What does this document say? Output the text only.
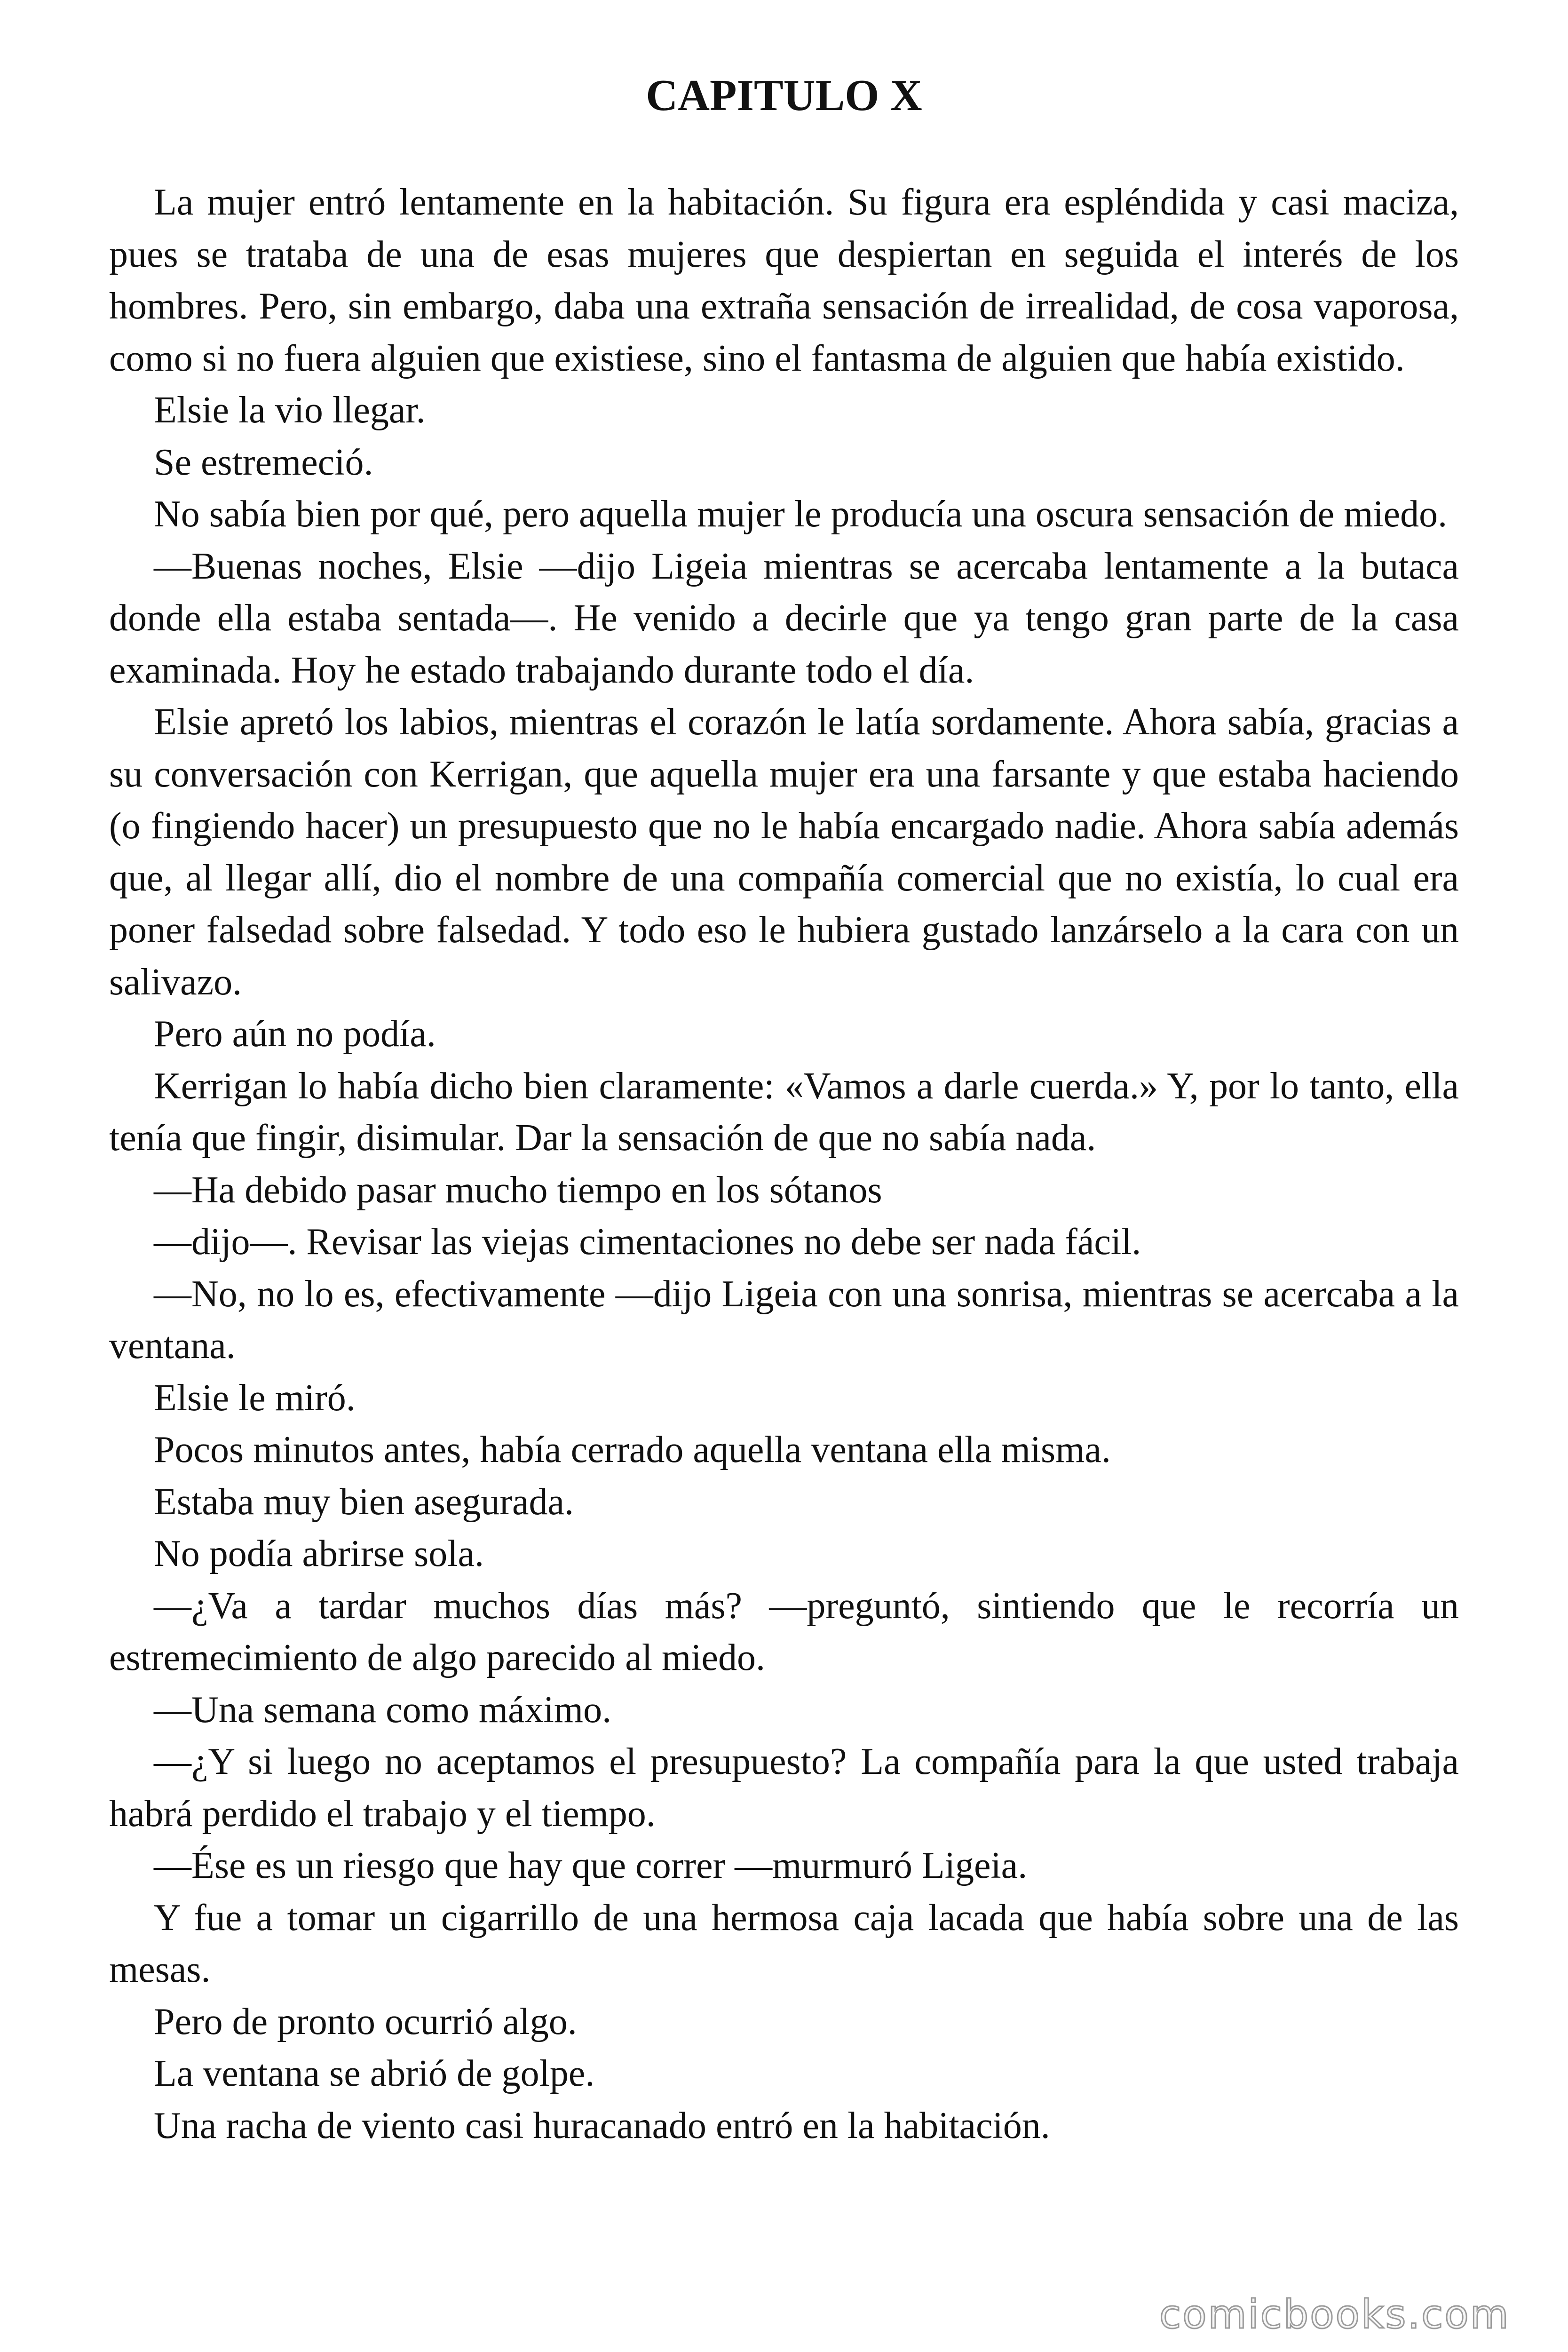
CAPITULO X

La mujer entró lentamente en la habitación. Su figura era espléndida y casi maciza, pues se trataba de una de esas mujeres que despiertan en seguida el interés de los hombres. Pero, sin embargo, daba una extraña sensación de irrealidad, de cosa vaporosa, como si no fuera alguien que existiese, sino el fantasma de alguien que había existido.

Elsie la vio llegar.

Se estremeció.

No sabía bien por qué, pero aquella mujer le producía una oscura sensación de miedo.

—Buenas noches, Elsie —dijo Ligeia mientras se acercaba lentamente a la butaca donde ella estaba sentada—. He venido a decirle que ya tengo gran parte de la casa examinada. Hoy he estado trabajando durante todo el día.

Elsie apretó los labios, mientras el corazón le latía sordamente. Ahora sabía, gracias a su conversación con Kerrigan, que aquella mujer era una farsante y que estaba haciendo (o fingiendo hacer) un presupuesto que no le había encargado nadie. Ahora sabía además que, al llegar allí, dio el nombre de una compañía comercial que no existía, lo cual era poner falsedad sobre falsedad. Y todo eso le hubiera gustado lanzárselo a la cara con un salivazo.

Pero aún no podía.

Kerrigan lo había dicho bien claramente: «Vamos a darle cuerda.» Y, por lo tanto, ella tenía que fingir, disimular. Dar la sensación de que no sabía nada.

—Ha debido pasar mucho tiempo en los sótanos

—dijo—. Revisar las viejas cimentaciones no debe ser nada fácil.

—No, no lo es, efectivamente —dijo Ligeia con una sonrisa, mientras se acercaba a la ventana.

Elsie le miró.

Pocos minutos antes, había cerrado aquella ventana ella misma.

Estaba muy bien asegurada.

No podía abrirse sola.

—¿Va a tardar muchos días más? —preguntó, sintiendo que le recorría un estremecimiento de algo parecido al miedo.

—Una semana como máximo.

—¿Y si luego no aceptamos el presupuesto? La compañía para la que usted trabaja habrá perdido el trabajo y el tiempo.

—Ése es un riesgo que hay que correr —murmuró Ligeia.

Y fue a tomar un cigarrillo de una hermosa caja lacada que había sobre una de las mesas.

Pero de pronto ocurrió algo.

La ventana se abrió de golpe.

Una racha de viento casi huracanado entró en la habitación.

comicbooks.com
